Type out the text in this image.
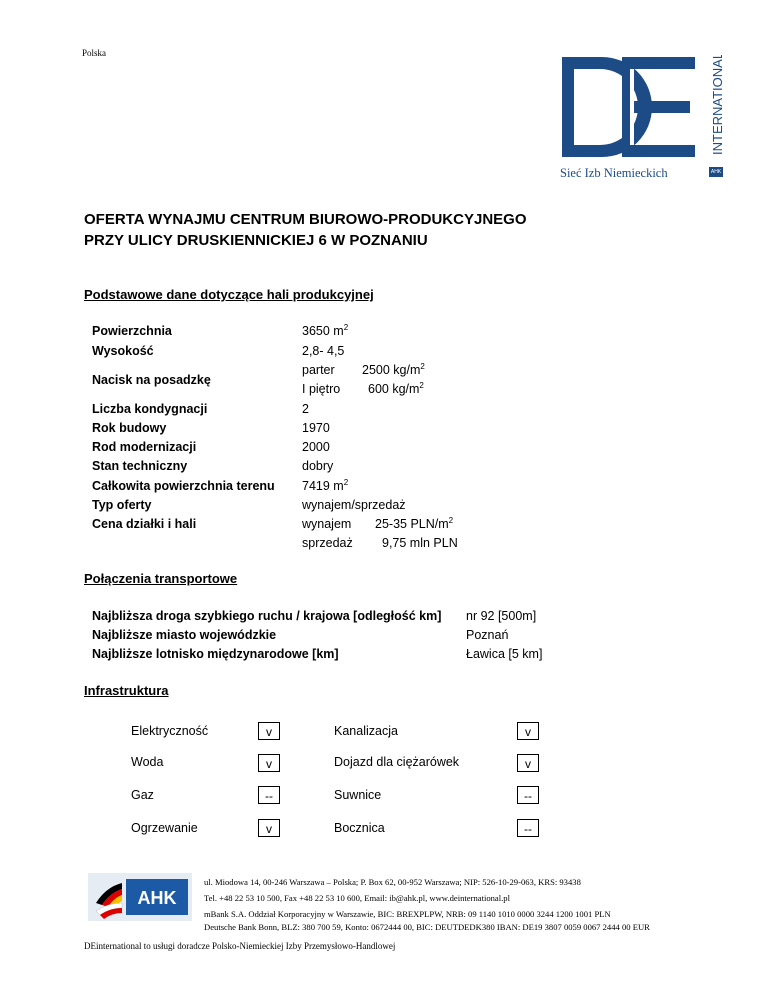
Polska	INTERNATIONAL
Sieć Izb Niemieckich	AHK
OFERTA WYNAJMU CENTRUM BIUROWO-PRODUKCYJNEGO
PRZY ULICY DRUSKIENNICKIEJ 6 W POZNANIU
Podstawowe dane dotyczące hali produkcyjnej
Powierzchnia	3650 $m^2$
Wysokość	2,8- 4,5
Nacisk na posadzkę
parter 2500 $kg/m^2$
I piętro 600 $kg/m^2$
Liczba kondygnacji	2
Rok budowy	1970
Rod modernizacji	2000
Stan techniczny	dobry
Całkowita powierzchnia terenu 7419 $m^2$
Typ oferty	wynajem/sprzedaż
Cena działki i hali	wynajem 25-35 PLN/$m^2$
sprzedaż 9,75 mln PLN
Połączenia transportowe
Najbliższa droga szybkiego ruchu / krajowa [odległość km] nr 92 [500m]
Najbliższe miasto wojewódzkie	Poznań
Najbliższe lotnisko międzynarodowe [km]	Ławica [5 km]
Infrastruktura
Elektryczność	v	Kanalizacja	v
Woda	v	Dojazd dla ciężarówek	v
Gaz	--	Suwnice	--
Ogrzewanie	v	Bocznica	--
AHK
ul. Miodowa 14, 00-246 Warszawa – Polska; P. Box 62, 00-952 Warszawa; NIP: 526-10-29-063, KRS: 93438
Tel. +48 22 53 10 500, Fax +48 22 53 10 600, Email: ib@ahk.pl, www.deinternational.pl
mBank S.A. Oddział Korporacyjny w Warszawie, BIC: BREXPLPW, NRB: 09 1140 1010 0000 3244 1200 1001 PLN
Deutsche Bank Bonn, BLZ: 380 700 59, Konto: 0672444 00, BIC: DEUTDEDK380 IBAN: DE19 3807 0059 0067 2444 00 EUR
DEinternational to usługi doradcze Polsko-Niemieckiej Izby Przemysłowo-Handlowej
